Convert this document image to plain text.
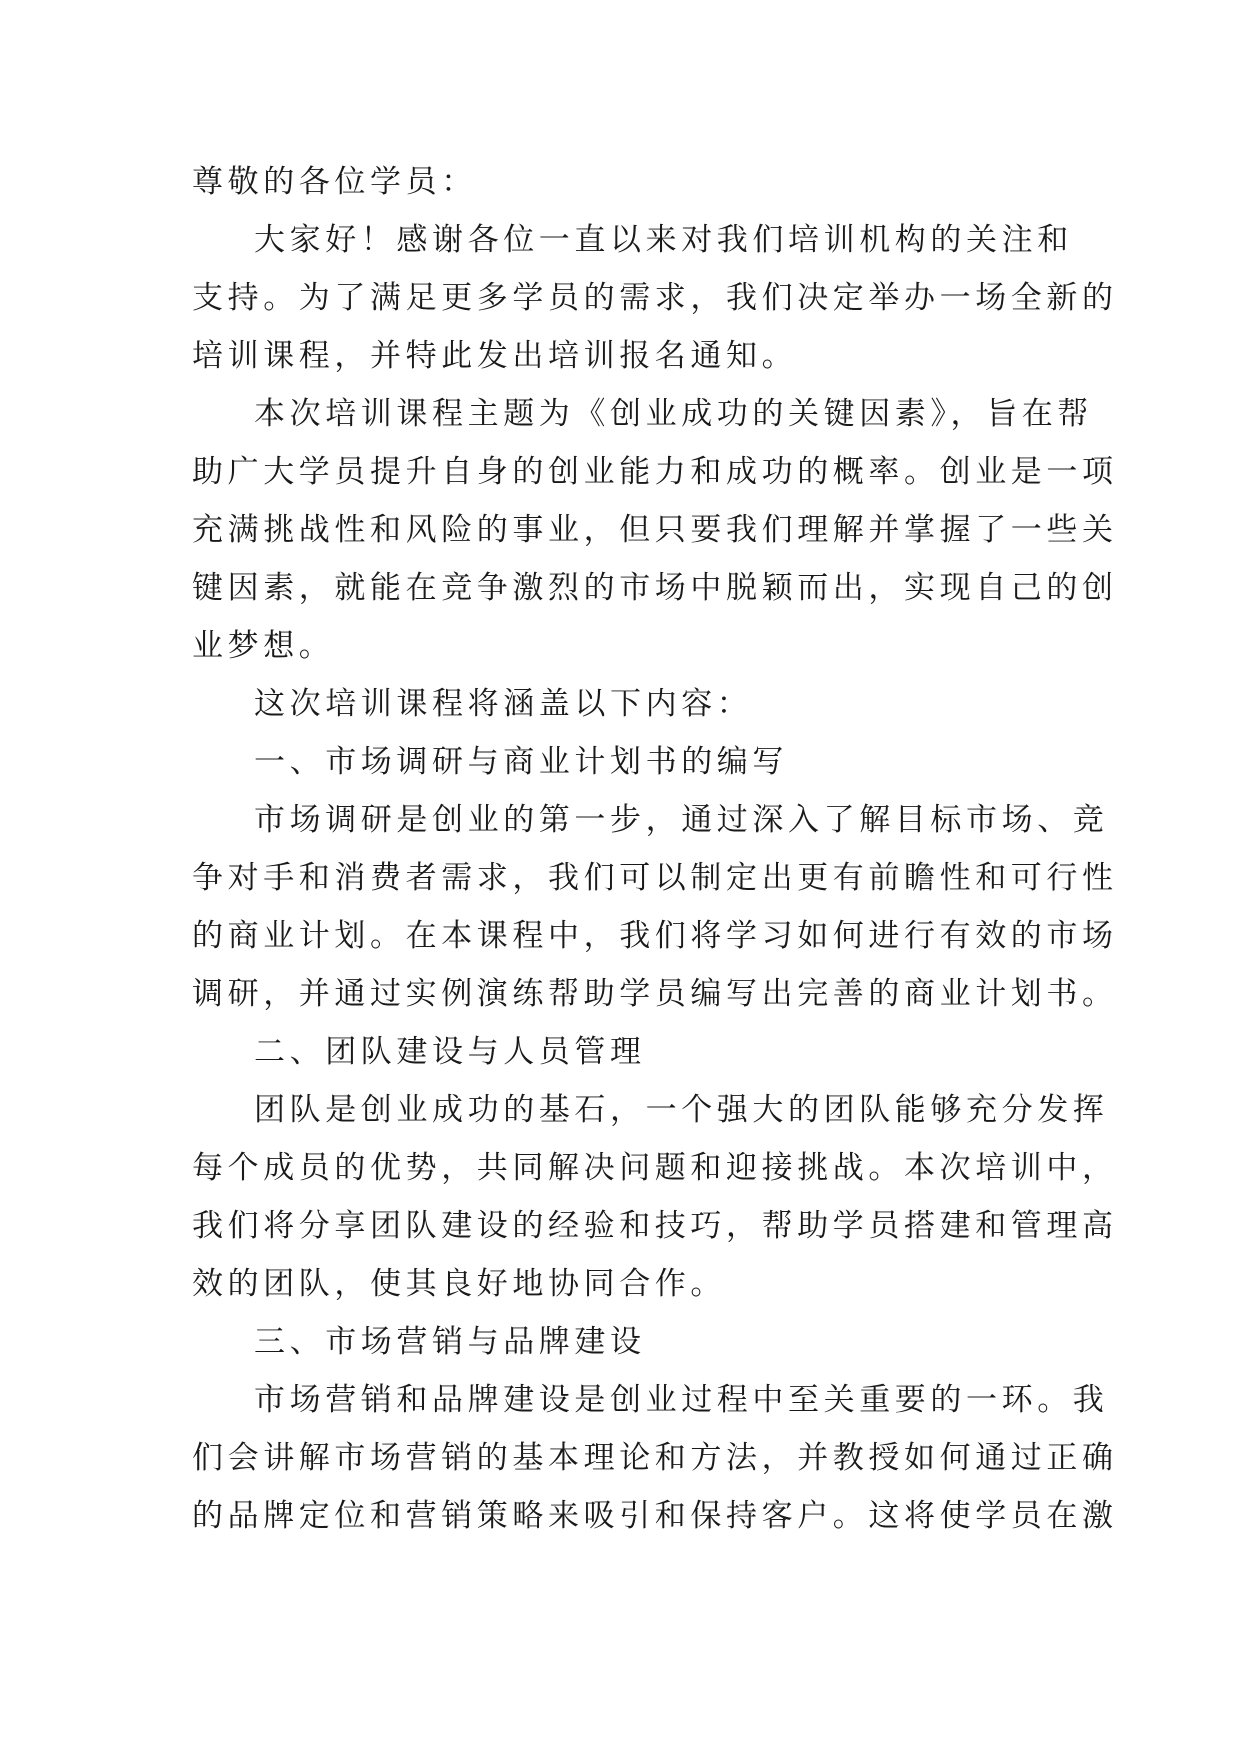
尊敬的各位学员：
大家好！感谢各位一直以来对我们培训机构的关注和
支持。为了满足更多学员的需求，我们决定举办一场全新的
培训课程，并特此发出培训报名通知。
本次培训课程主题为《创业成功的关键因素》，旨在帮
助广大学员提升自身的创业能力和成功的概率。创业是一项
充满挑战性和风险的事业，但只要我们理解并掌握了一些关
键因素，就能在竞争激烈的市场中脱颖而出，实现自己的创
业梦想。
这次培训课程将涵盖以下内容：
一、市场调研与商业计划书的编写
市场调研是创业的第一步，通过深入了解目标市场、竞
争对手和消费者需求，我们可以制定出更有前瞻性和可行性
的商业计划。在本课程中，我们将学习如何进行有效的市场
调研，并通过实例演练帮助学员编写出完善的商业计划书。
二、团队建设与人员管理
团队是创业成功的基石，一个强大的团队能够充分发挥
每个成员的优势，共同解决问题和迎接挑战。本次培训中，
我们将分享团队建设的经验和技巧，帮助学员搭建和管理高
效的团队，使其良好地协同合作。
三、市场营销与品牌建设
市场营销和品牌建设是创业过程中至关重要的一环。我
们会讲解市场营销的基本理论和方法，并教授如何通过正确
的品牌定位和营销策略来吸引和保持客户。这将使学员在激
